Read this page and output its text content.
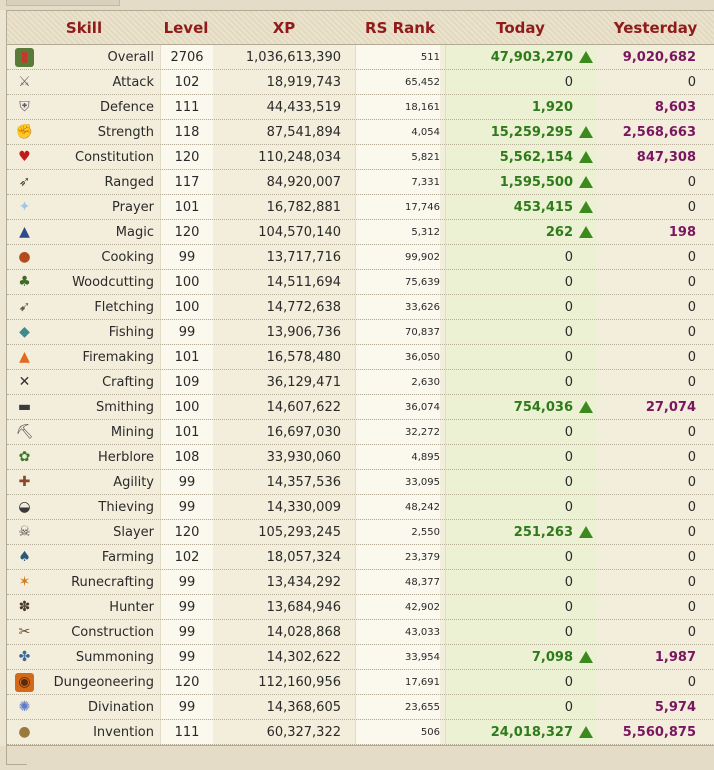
Skill	Level	XP	RS Rank	Today	Yesterday
▮	Overall	2706	1,036,613,390	511	47,903,270	9,020,682
⚔	Attack	102	18,919,743	65,452	0	0
⛨	Defence	111	44,433,519	18,161	1,920	8,603
✊	Strength	118	87,541,894	4,054	15,259,295	2,568,663
♥	Constitution	120	110,248,034	5,821	5,562,154	847,308
➶	Ranged	117	84,920,007	7,331	1,595,500	0
✦	Prayer	101	16,782,881	17,746	453,415	0
▲	Magic	120	104,570,140	5,312	262	198
●	Cooking	99	13,717,716	99,902	0	0
♣	Woodcutting	100	14,511,694	75,639	0	0
➹	Fletching	100	14,772,638	33,626	0	0
◆	Fishing	99	13,906,736	70,837	0	0
▲	Firemaking	101	16,578,480	36,050	0	0
✕	Crafting	109	36,129,471	2,630	0	0
▬	Smithing	100	14,607,622	36,074	754,036	27,074
⛏	Mining	101	16,697,030	32,272	0	0
✿	Herblore	108	33,930,060	4,895	0	0
✚	Agility	99	14,357,536	33,095	0	0
◒	Thieving	99	14,330,009	48,242	0	0
☠	Slayer	120	105,293,245	2,550	251,263	0
♠	Farming	102	18,057,324	23,379	0	0
✶	Runecrafting	99	13,434,292	48,377	0	0
✽	Hunter	99	13,684,946	42,902	0	0
✂	Construction	99	14,028,868	43,033	0	0
✤	Summoning	99	14,302,622	33,954	7,098	1,987
◉	Dungeoneering	120	112,160,956	17,691	0	0
✺	Divination	99	14,368,605	23,655	0	5,974
●	Invention	111	60,327,322	506	24,018,327	5,560,875
